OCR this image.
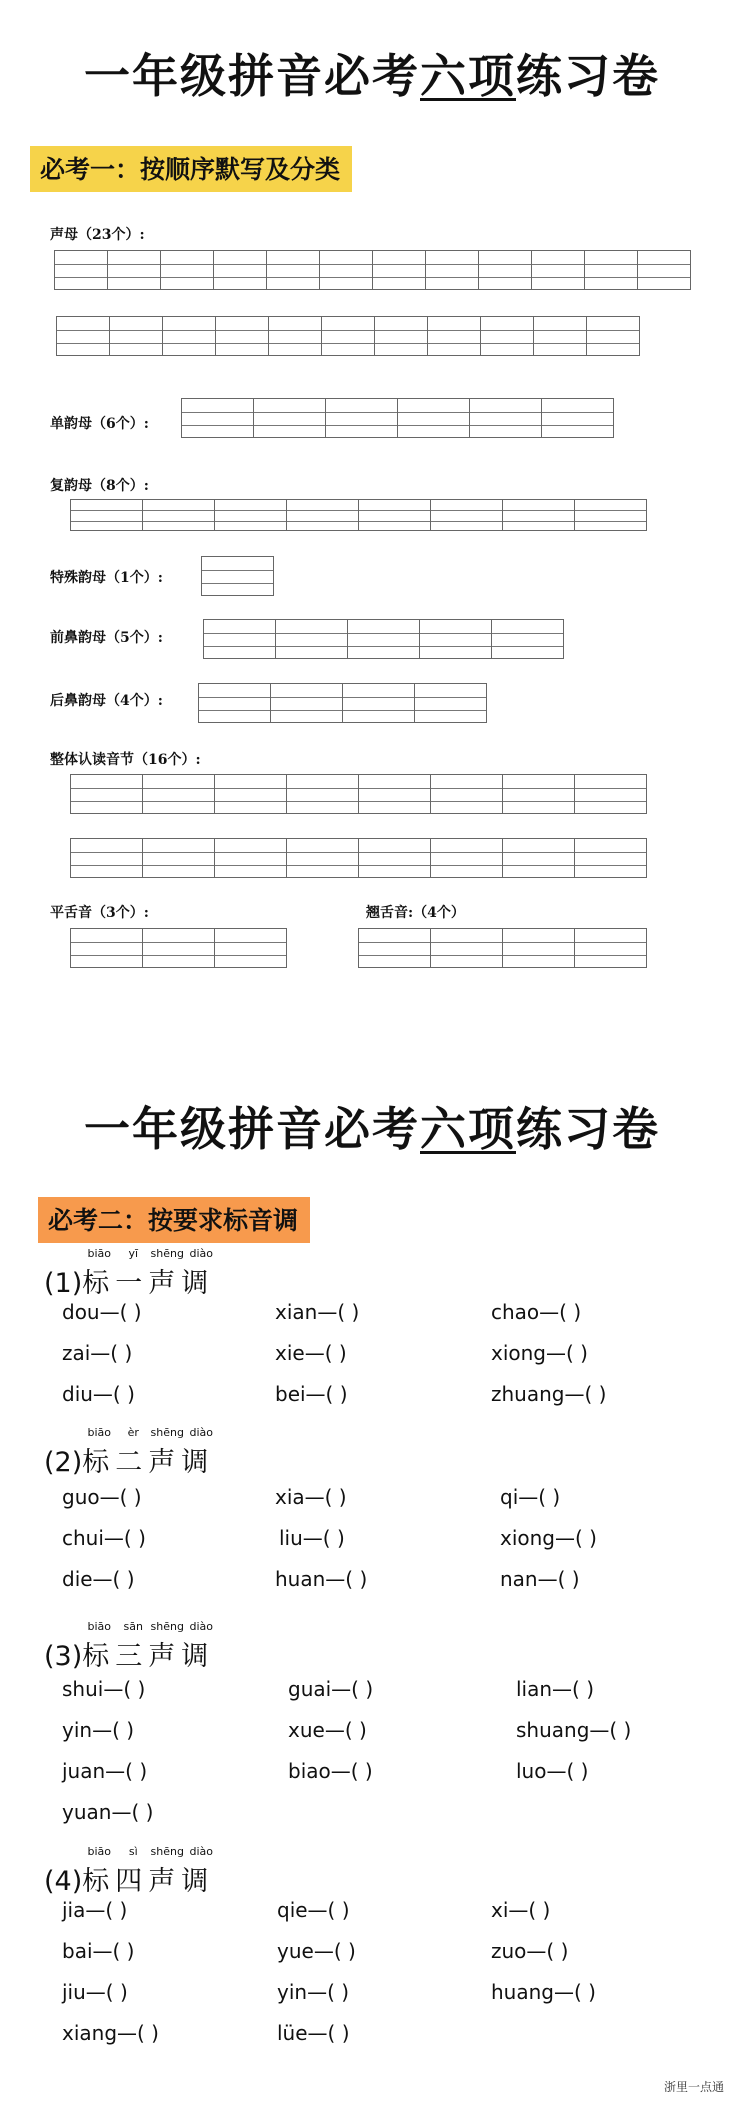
一年级拼音必考六项练习卷
必考一：按顺序默写及分类
声母（23个）:
单韵母（6个）:
复韵母（8个）:
特殊韵母（1个）:
前鼻韵母（5个）:
后鼻韵母（4个）:
整体认读音节（16个）:
平舌音（3个）:	翘舌音:（4个）
一年级拼音必考六项练习卷
必考二：按要求标音调
(1)
biāo yī shēng diào
标一声调
dou—( )	xian—( )	chao—( )
zai—( )	xie—( )	xiong—( )
diu—( )	bei—( )	zhuang—( )
(2)
biāo èr shēng diào
标二声调
guo—( )	xia—( )	qi—( )
chui—( )	liu—( )	xiong—( )
die—( )	huan—( )	nan—( )
(3)
biāo sān shēng diào
标三声调
shui—( )	guai—( )	lian—( )
yin—( )	xue—( )	shuang—( )
juan—( )	biao—( )	luo—( )
yuan—( )
(4)
biāo sì shēng diào
标四声调
jia—( )	qie—( )	xi—( )
bai—( )	yue—( )	zuo—( )
jiu—( )	yin—( )	huang—( )
xiang—( )	lüe—( )
浙里一点通
